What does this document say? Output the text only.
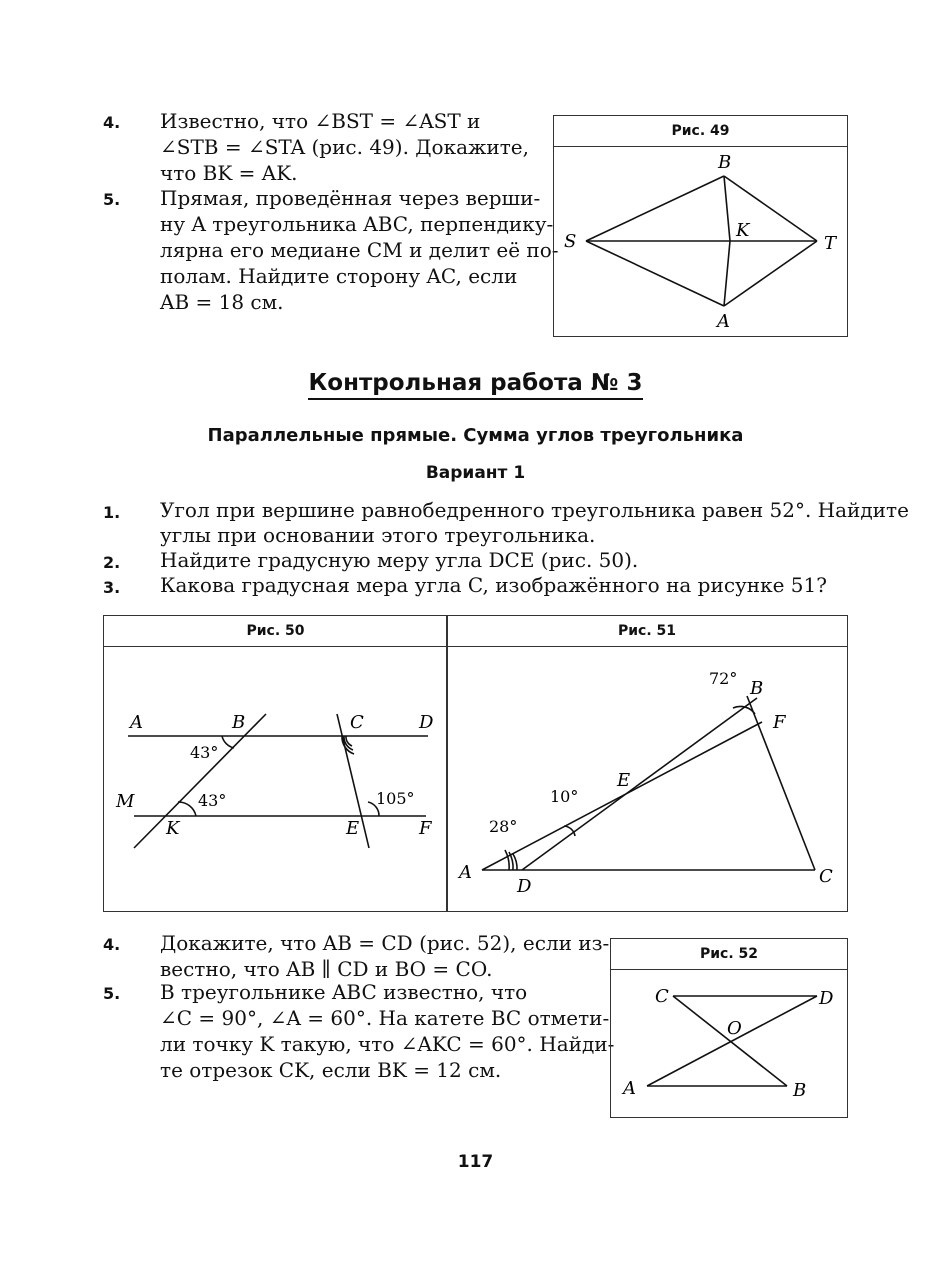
4. Известно, что ∠BST = ∠AST и
∠STB = ∠STA (рис. 49). Докажите,
что BK = AK.
5. Прямая, проведённая через верши-
ну A треугольника ABC, перпендику-
лярна его медиане CM и делит её по-
полам. Найдите сторону AC, если
AB = 18 см.
Рис. 49
B
S
K
T
A
Контрольная работа № 3
Параллельные прямые. Сумма углов треугольника
Вариант 1
1. Угол при вершине равнобедренного треугольника равен 52°. Найдите
углы при основании этого треугольника.
2. Найдите градусную меру угла DCE (рис. 50).
3. Какова градусная мера угла C, изображённого на рисунке 51?
Рис. 50
A	B	C	D
M
K	E	F
43°
43°	105°
Рис. 51
72° B
F
E
10°
28°
A
D	C
4. Докажите, что AB = CD (рис. 52), если из-
вестно, что AB ∥ CD и BO = CO.
5. В треугольнике ABC известно, что
∠C = 90°, ∠A = 60°. На катете BC отмети-
ли точку K такую, что ∠AKC = 60°. Найди-
те отрезок CK, если BK = 12 см.
Рис. 52
C	D
O
A	B
117
